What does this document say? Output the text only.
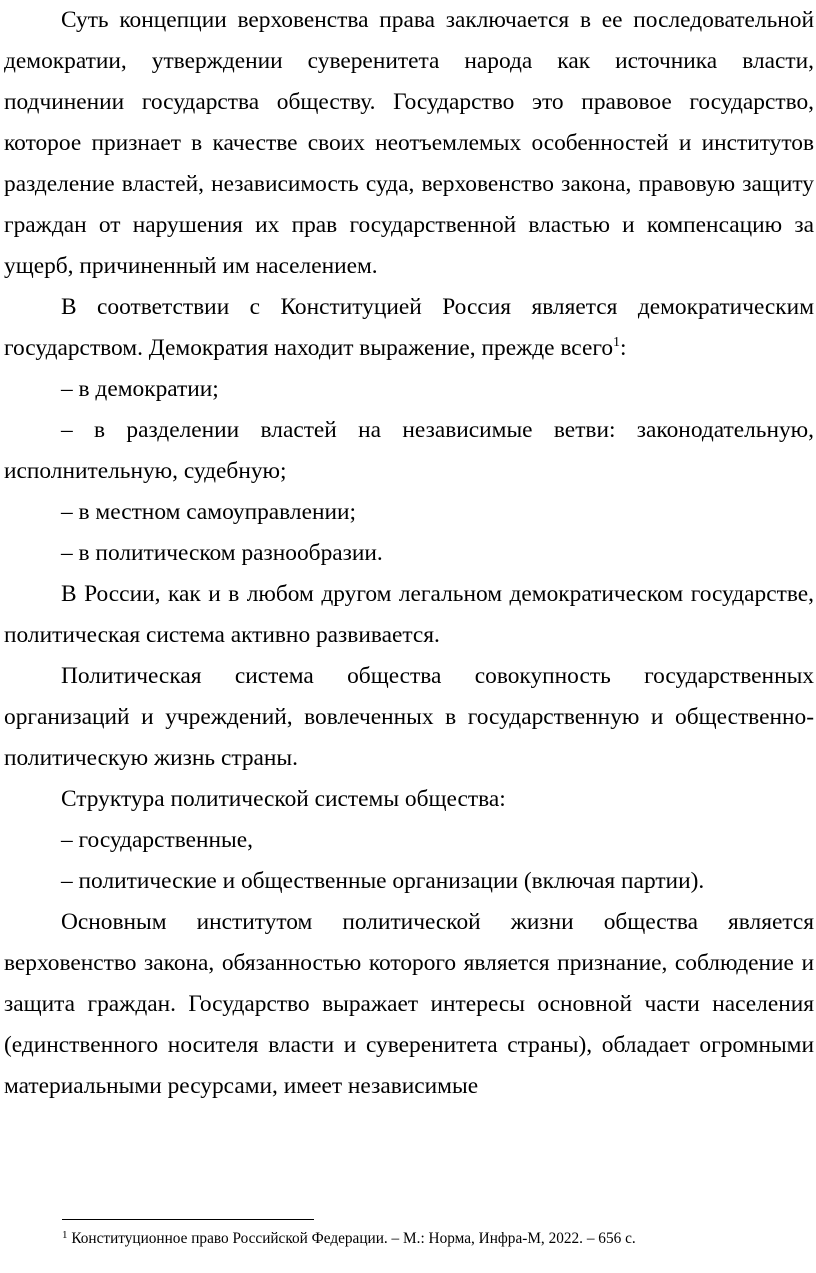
Суть концепции верховенства права заключается в ее последовательной демократии, утверждении суверенитета народа как источника власти, подчинении государства обществу. Государство это правовое государство, которое признает в качестве своих неотъемлемых особенностей и институтов разделение властей, независимость суда, верховенство закона, правовую защиту граждан от нарушения их прав государственной властью и компенсацию за ущерб, причиненный им населением.

В соответствии с Конституцией Россия является демократическим государством. Демократия находит выражение, прежде всего$^1$:

– в демократии;

– в разделении властей на независимые ветви: законодательную, исполнительную, судебную;

– в местном самоуправлении;

– в политическом разнообразии.

В России, как и в любом другом легальном демократическом государстве, политическая система активно развивается.

Политическая система общества совокупность государственных организаций и учреждений, вовлеченных в государственную и общественно-политическую жизнь страны.

Структура политической системы общества:

– государственные,

– политические и общественные организации (включая партии).

Основным институтом политической жизни общества является верховенство закона, обязанностью которого является признание, соблюдение и защита граждан. Государство выражает интересы основной части населения (единственного носителя власти и суверенитета страны), обладает огромными материальными ресурсами, имеет независимые

$^1$ Конституционное право Российской Федерации. – М.: Норма, Инфра-М, 2022. – 656 с.
